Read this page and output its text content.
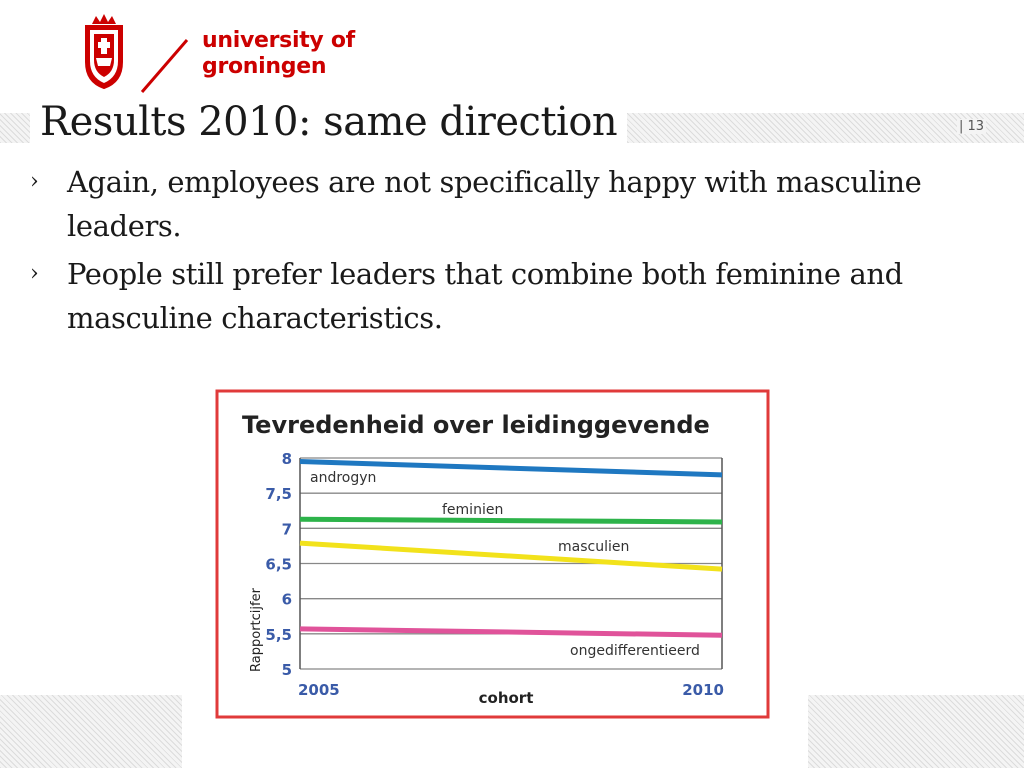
university of
groningen
Results 2010: same direction	| 13
› Again, employees are not specifically happy with masculine leaders.
› People still prefer leaders that combine both feminine and masculine characteristics.
Tevredenheid over leidinggevende
5
5,5
6
6,5
7
7,5
8
2005	2010
androgyn
feminien
masculien
ongedifferentieerd
cohort
Rapportcijfer
